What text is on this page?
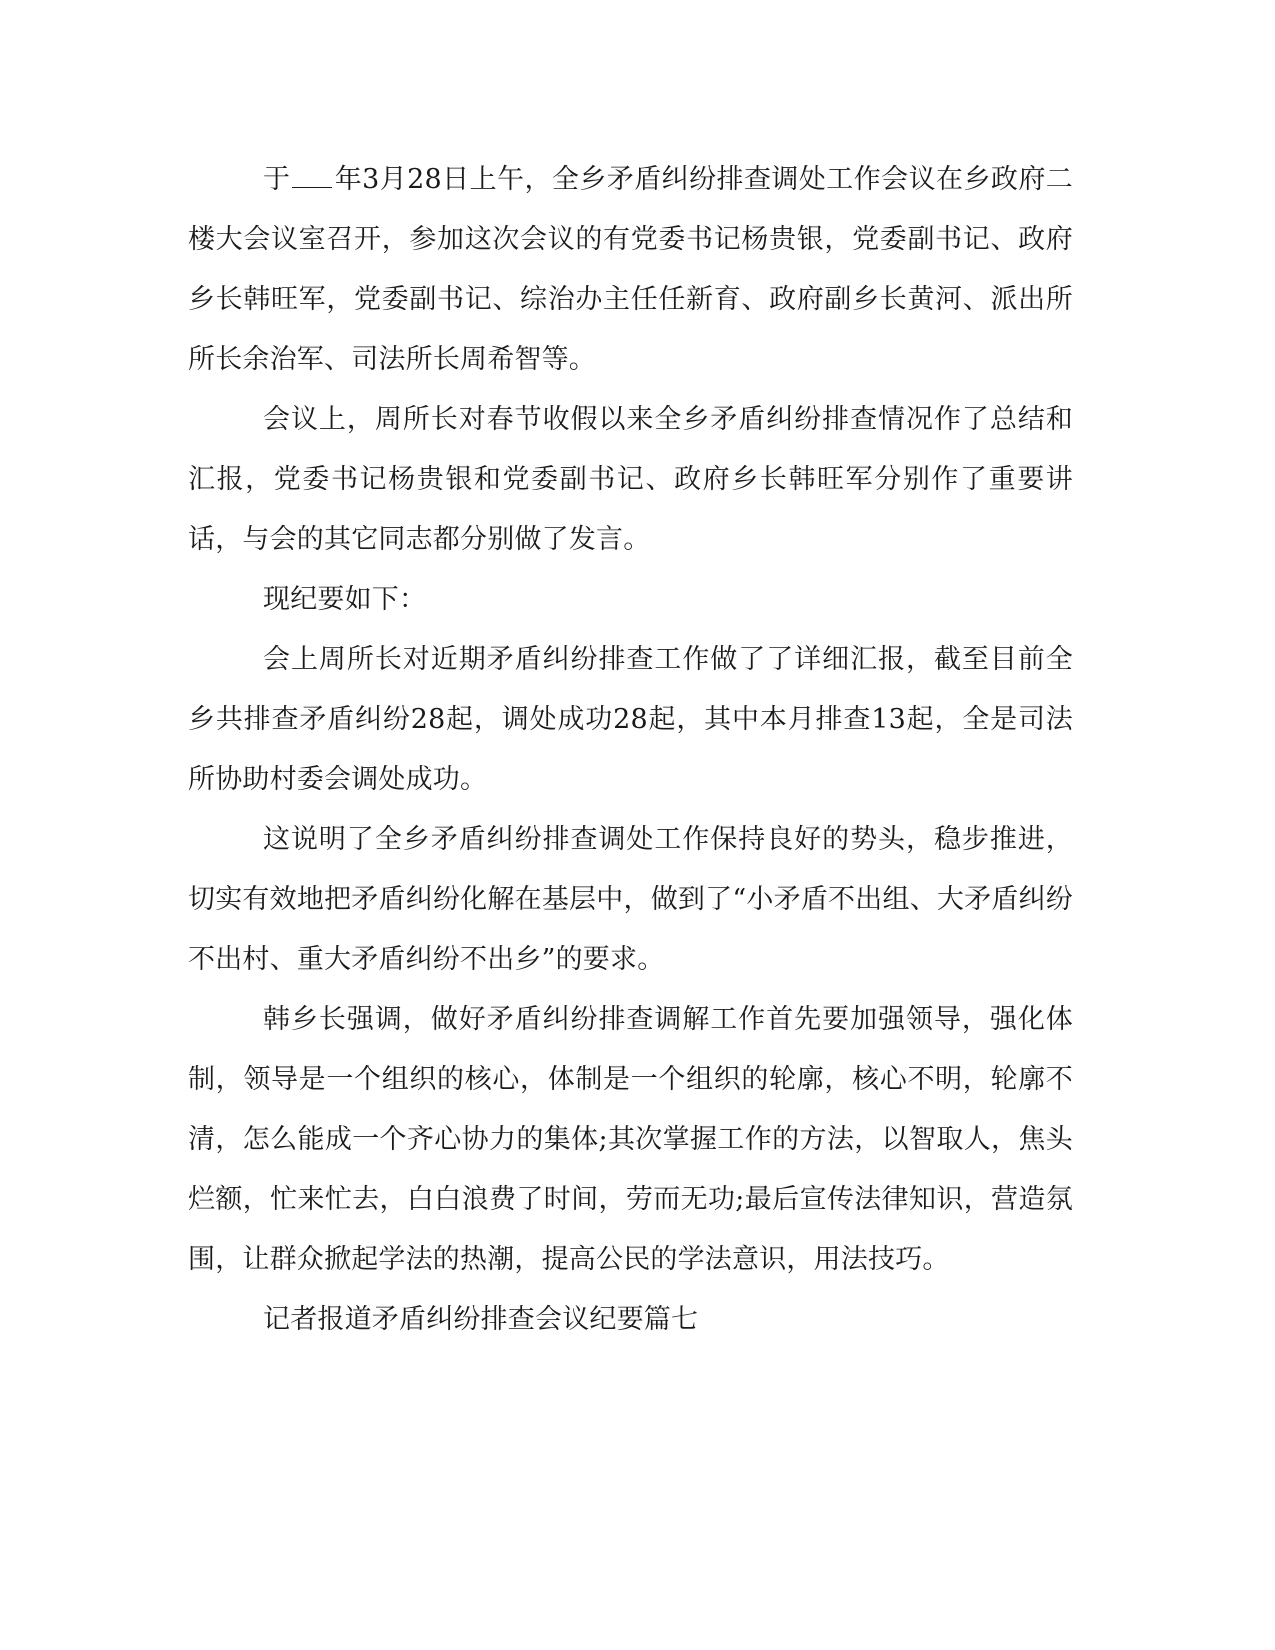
于 年3月28日上午，全乡矛盾纠纷排查调处工作会议在乡政府二楼大会议室召开，参加这次会议的有党委书记杨贵银，党委副书记、政府乡长韩旺军，党委副书记、综治办主任任新育、政府副乡长黄河、派出所所长余治军、司法所长周希智等。

会议上，周所长对春节收假以来全乡矛盾纠纷排查情况作了总结和汇报，党委书记杨贵银和党委副书记、政府乡长韩旺军分别作了重要讲话，与会的其它同志都分别做了发言。

现纪要如下：

会上周所长对近期矛盾纠纷排查工作做了了详细汇报，截至目前全乡共排查矛盾纠纷28起，调处成功28起，其中本月排查13起，全是司法所协助村委会调处成功。

这说明了全乡矛盾纠纷排查调处工作保持良好的势头，稳步推进，切实有效地把矛盾纠纷化解在基层中，做到了“小矛盾不出组、大矛盾纠纷不出村、重大矛盾纠纷不出乡”的要求。

韩乡长强调，做好矛盾纠纷排查调解工作首先要加强领导，强化体制，领导是一个组织的核心，体制是一个组织的轮廓，核心不明，轮廓不清，怎么能成一个齐心协力的集体;其次掌握工作的方法，以智取人，焦头烂额，忙来忙去，白白浪费了时间，劳而无功;最后宣传法律知识，营造氛围，让群众掀起学法的热潮，提高公民的学法意识，用法技巧。

记者报道矛盾纠纷排查会议纪要篇七
